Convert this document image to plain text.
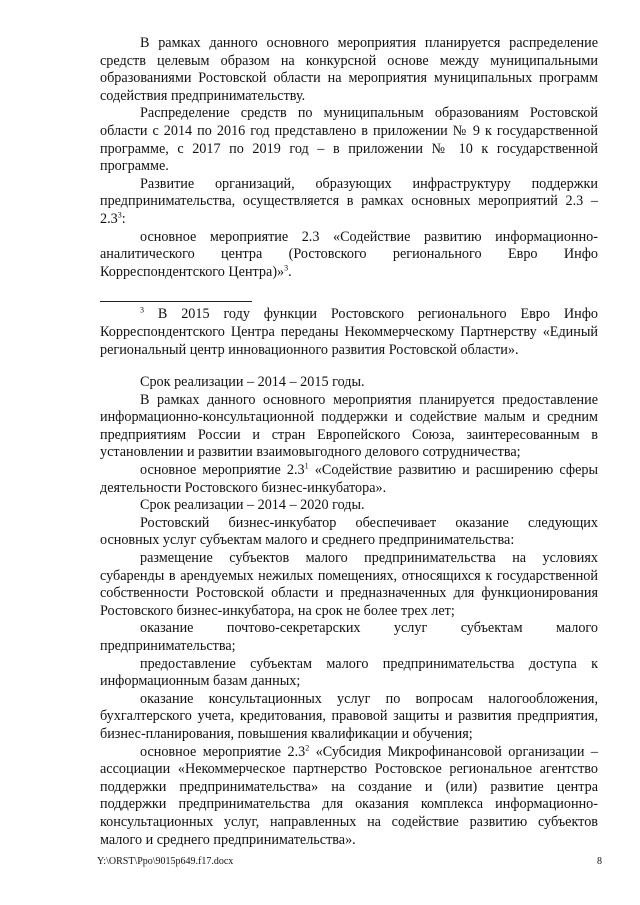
В рамках данного основного мероприятия планируется распределение средств целевым образом на конкурсной основе между муниципальными образованиями Ростовской области на мероприятия муниципальных программ содействия предпринимательству.

Распределение средств по муниципальным образованиям Ростовской области с 2014 по 2016 год представлено в приложении № 9 к государственной программе, с 2017 по 2019 год – в приложении № 10 к государственной программе.

Развитие организаций, образующих инфраструктуру поддержки предпринимательства, осуществляется в рамках основных мероприятий $2.3 - 2.3^3$:

основное мероприятие 2.3 «Содействие развитию информационно-аналитического центра (Ростовского регионального Евро Инфо Корреспондентского Центра)»$^3$.

$^3$ В 2015 году функции Ростовского регионального Евро Инфо Корреспондентского Центра переданы Некоммерческому Партнерству «Единый региональный центр инновационного развития Ростовской области».

Срок реализации – 2014 – 2015 годы.

В рамках данного основного мероприятия планируется предоставление информационно-консультационной поддержки и содействие малым и средним предприятиям России и стран Европейского Союза, заинтересованным в установлении и развитии взаимовыгодного делового сотрудничества;

основное мероприятие $2.3^1$ «Содействие развитию и расширению сферы деятельности Ростовского бизнес-инкубатора».

Срок реализации – 2014 – 2020 годы.

Ростовский бизнес-инкубатор обеспечивает оказание следующих основных услуг субъектам малого и среднего предпринимательства:

размещение субъектов малого предпринимательства на условиях субаренды в арендуемых нежилых помещениях, относящихся к государственной собственности Ростовской области и предназначенных для функционирования Ростовского бизнес-инкубатора, на срок не более трех лет;

оказание почтово-секретарских услуг субъектам малого предпринимательства;

предоставление субъектам малого предпринимательства доступа к информационным базам данных;

оказание консультационных услуг по вопросам налогообложения, бухгалтерского учета, кредитования, правовой защиты и развития предприятия, бизнес-планирования, повышения квалификации и обучения;

основное мероприятие $2.3^2$ «Субсидия Микрофинансовой организации – ассоциации «Некоммерческое партнерство Ростовское региональное агентство поддержки предпринимательства» на создание и (или) развитие центра поддержки предпринимательства для оказания комплекса информационно-консультационных услуг, направленных на содействие развитию субъектов малого и среднего предпринимательства».

Y:\ORST\Ppo\9015p649.f17.docx	8
